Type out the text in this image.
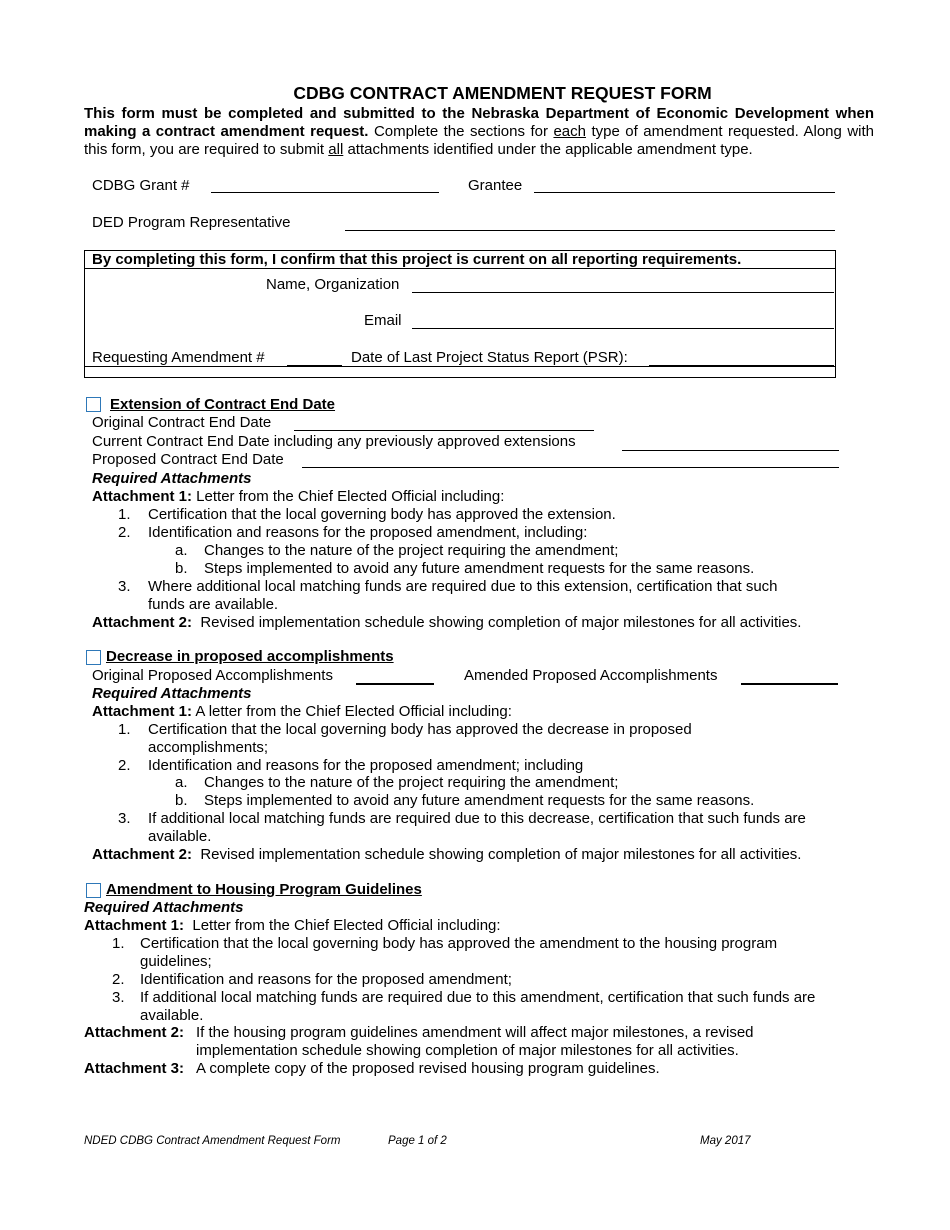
CDBG CONTRACT AMENDMENT REQUEST FORM
This form must be completed and submitted to the Nebraska Department of Economic Development when making a contract amendment request. Complete the sections for each type of amendment requested. Along with this form, you are required to submit all attachments identified under the applicable amendment type.
CDBG Grant #	Grantee
DED Program Representative
By completing this form, I confirm that this project is current on all reporting requirements.
Name, Organization
Email
Requesting Amendment #	Date of Last Project Status Report (PSR):
Extension of Contract End Date
Original Contract End Date
Current Contract End Date including any previously approved extensions
Proposed Contract End Date
Required Attachments
Attachment 1: Letter from the Chief Elected Official including:
1. Certification that the local governing body has approved the extension.
2. Identification and reasons for the proposed amendment, including:
a. Changes to the nature of the project requiring the amendment;
b. Steps implemented to avoid any future amendment requests for the same reasons.
3. Where additional local matching funds are required due to this extension, certification that such
funds are available.
Attachment 2:  Revised implementation schedule showing completion of major milestones for all activities.
Decrease in proposed accomplishments
Original Proposed Accomplishments	Amended Proposed Accomplishments
Required Attachments
Attachment 1: A letter from the Chief Elected Official including:
1. Certification that the local governing body has approved the decrease in proposed
accomplishments;
2. Identification and reasons for the proposed amendment; including
a. Changes to the nature of the project requiring the amendment;
b. Steps implemented to avoid any future amendment requests for the same reasons.
3. If additional local matching funds are required due to this decrease, certification that such funds are
available.
Attachment 2:  Revised implementation schedule showing completion of major milestones for all activities.
Amendment to Housing Program Guidelines
Required Attachments
Attachment 1:  Letter from the Chief Elected Official including:
1. Certification that the local governing body has approved the amendment to the housing program
guidelines;
2. Identification and reasons for the proposed amendment;
3. If additional local matching funds are required due to this amendment, certification that such funds are
available.
Attachment 2: If the housing program guidelines amendment will affect major milestones, a revised
implementation schedule showing completion of major milestones for all activities.
Attachment 3: A complete copy of the proposed revised housing program guidelines.
NDED CDBG Contract Amendment Request Form	Page 1 of 2	May 2017
